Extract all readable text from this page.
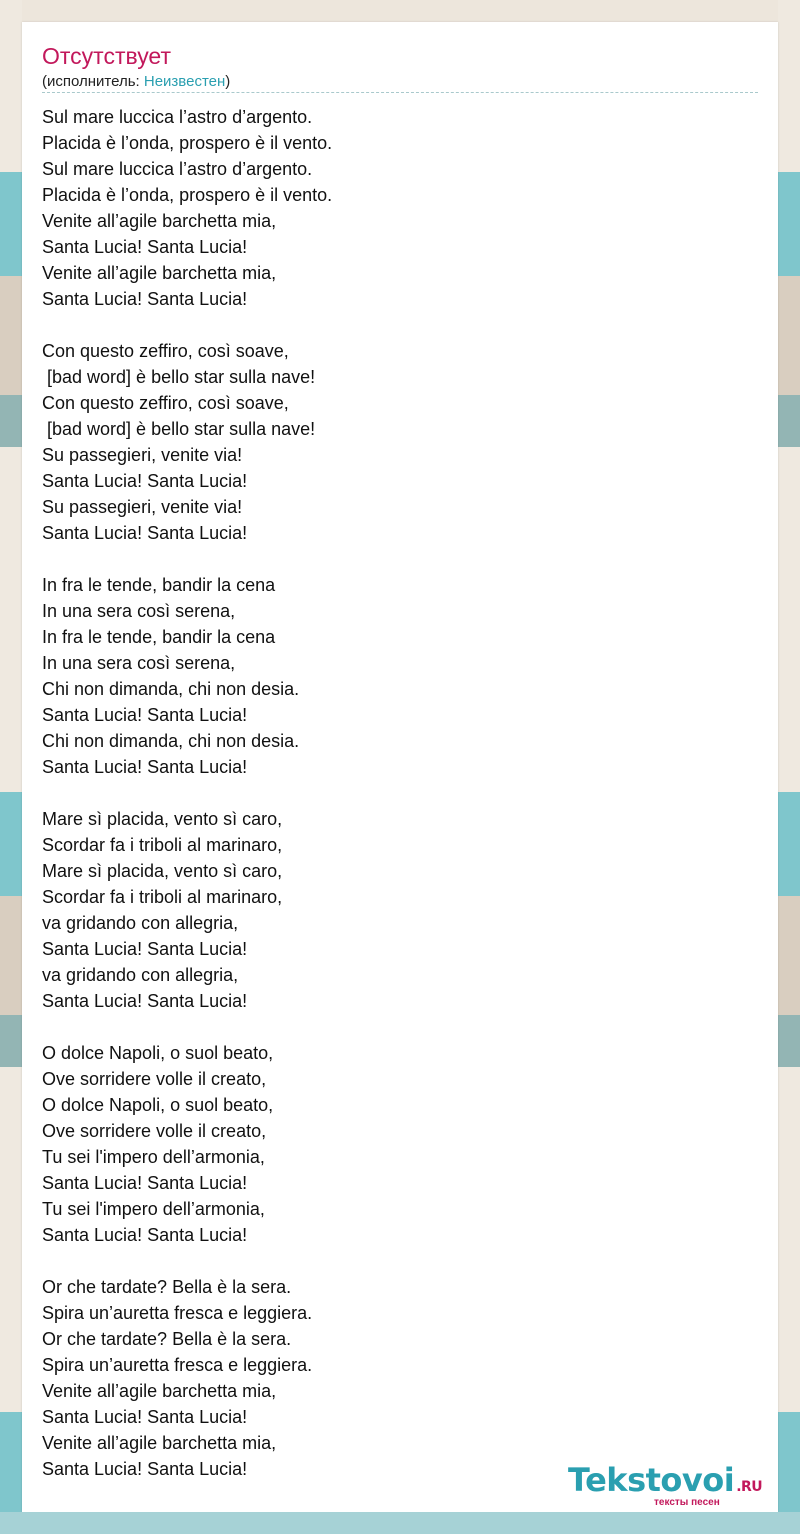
Отсутствует
(исполнитель: Неизвестен)
Sul mare luccica l’astro d’argento.
Placida è l’onda, prospero è il vento.
Sul mare luccica l’astro d’argento.
Placida è l’onda, prospero è il vento.
Venite all’agile barchetta mia,
Santa Lucia! Santa Lucia!
Venite all’agile barchetta mia,
Santa Lucia! Santa Lucia!
Con questo zeffiro, così soave,
[bad word] è bello star sulla nave!
Con questo zeffiro, così soave,
[bad word] è bello star sulla nave!
Su passegieri, venite via!
Santa Lucia! Santa Lucia!
Su passegieri, venite via!
Santa Lucia! Santa Lucia!
In fra le tende, bandir la cena
In una sera così serena,
In fra le tende, bandir la cena
In una sera così serena,
Chi non dimanda, chi non desia.
Santa Lucia! Santa Lucia!
Chi non dimanda, chi non desia.
Santa Lucia! Santa Lucia!
Mare sì placida, vento sì caro,
Scordar fa i triboli al marinaro,
Mare sì placida, vento sì caro,
Scordar fa i triboli al marinaro,
va gridando con allegria,
Santa Lucia! Santa Lucia!
va gridando con allegria,
Santa Lucia! Santa Lucia!
O dolce Napoli, o suol beato,
Ove sorridere volle il creato,
O dolce Napoli, o suol beato,
Ove sorridere volle il creato,
Tu sei l'impero dell’armonia,
Santa Lucia! Santa Lucia!
Tu sei l'impero dell’armonia,
Santa Lucia! Santa Lucia!
Or che tardate? Bella è la sera.
Spira un’auretta fresca e leggiera.
Or che tardate? Bella è la sera.
Spira un’auretta fresca e leggiera.
Venite all’agile barchetta mia,
Santa Lucia! Santa Lucia!
Venite all’agile barchetta mia,
Santa Lucia! Santa Lucia!	Tekstovoi .RU
тексты песен
